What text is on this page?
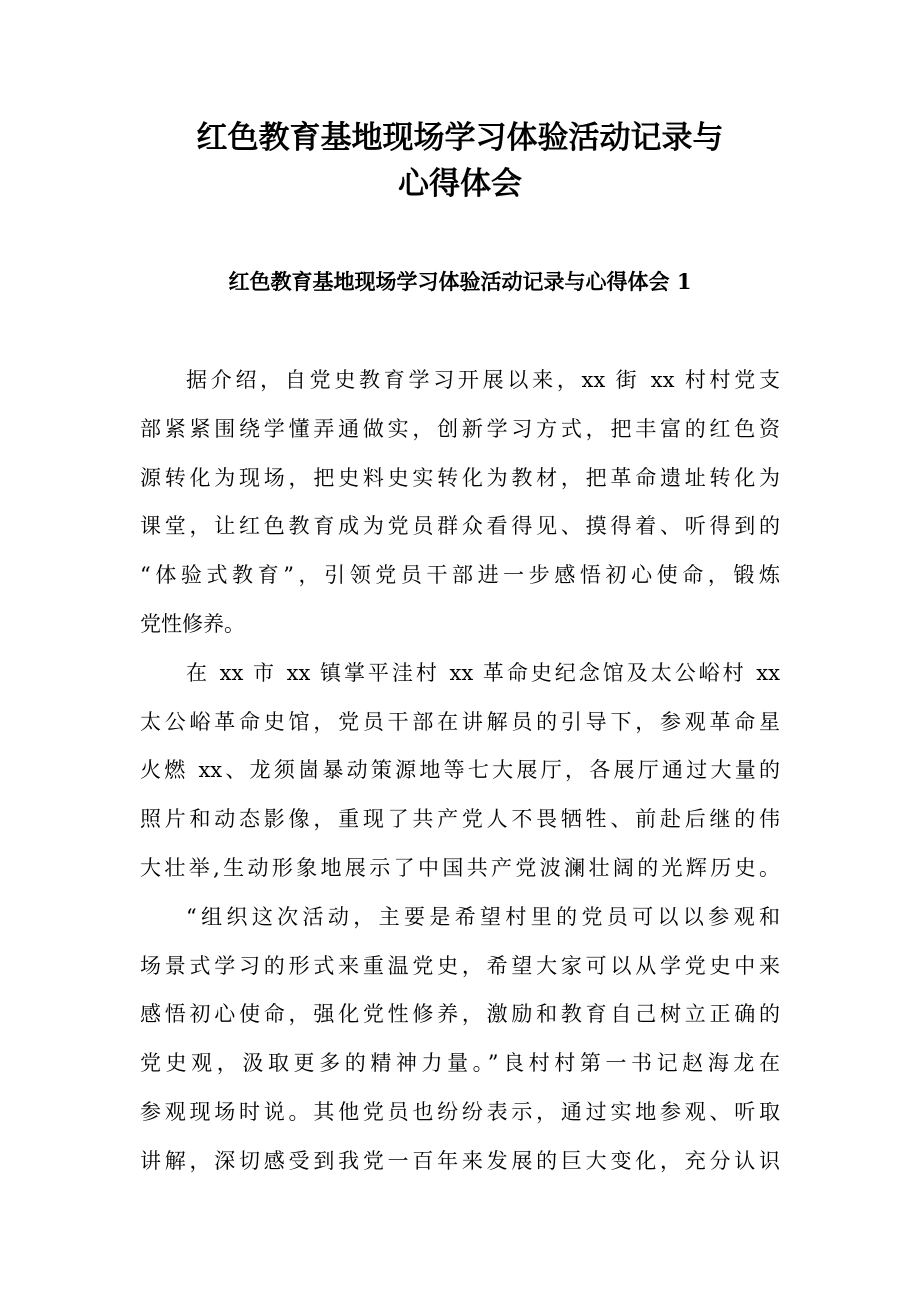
红色教育基地现场学习体验活动记录与
心得体会
红色教育基地现场学习体验活动记录与心得体会 1
据介绍，自党史教育学习开展以来，xx 街 xx 村村党支
部紧紧围绕学懂弄通做实，创新学习方式，把丰富的红色资
源转化为现场，把史料史实转化为教材，把革命遗址转化为
课堂，让红色教育成为党员群众看得见、摸得着、听得到的
“体验式教育”，引领党员干部进一步感悟初心使命，锻炼
党性修养。
在 xx 市 xx 镇掌平洼村 xx 革命史纪念馆及太公峪村 xx
太公峪革命史馆，党员干部在讲解员的引导下，参观革命星
火燃 xx、龙须崮暴动策源地等七大展厅，各展厅通过大量的
照片和动态影像，重现了共产党人不畏牺牲、前赴后继的伟
大壮举,生动形象地展示了中国共产党波澜壮阔的光辉历史。
“组织这次活动，主要是希望村里的党员可以以参观和
场景式学习的形式来重温党史，希望大家可以从学党史中来
感悟初心使命，强化党性修养，激励和教育自己树立正确的
党史观，汲取更多的精神力量。”良村村第一书记赵海龙在
参观现场时说。其他党员也纷纷表示，通过实地参观、听取
讲解，深切感受到我党一百年来发展的巨大变化，充分认识
